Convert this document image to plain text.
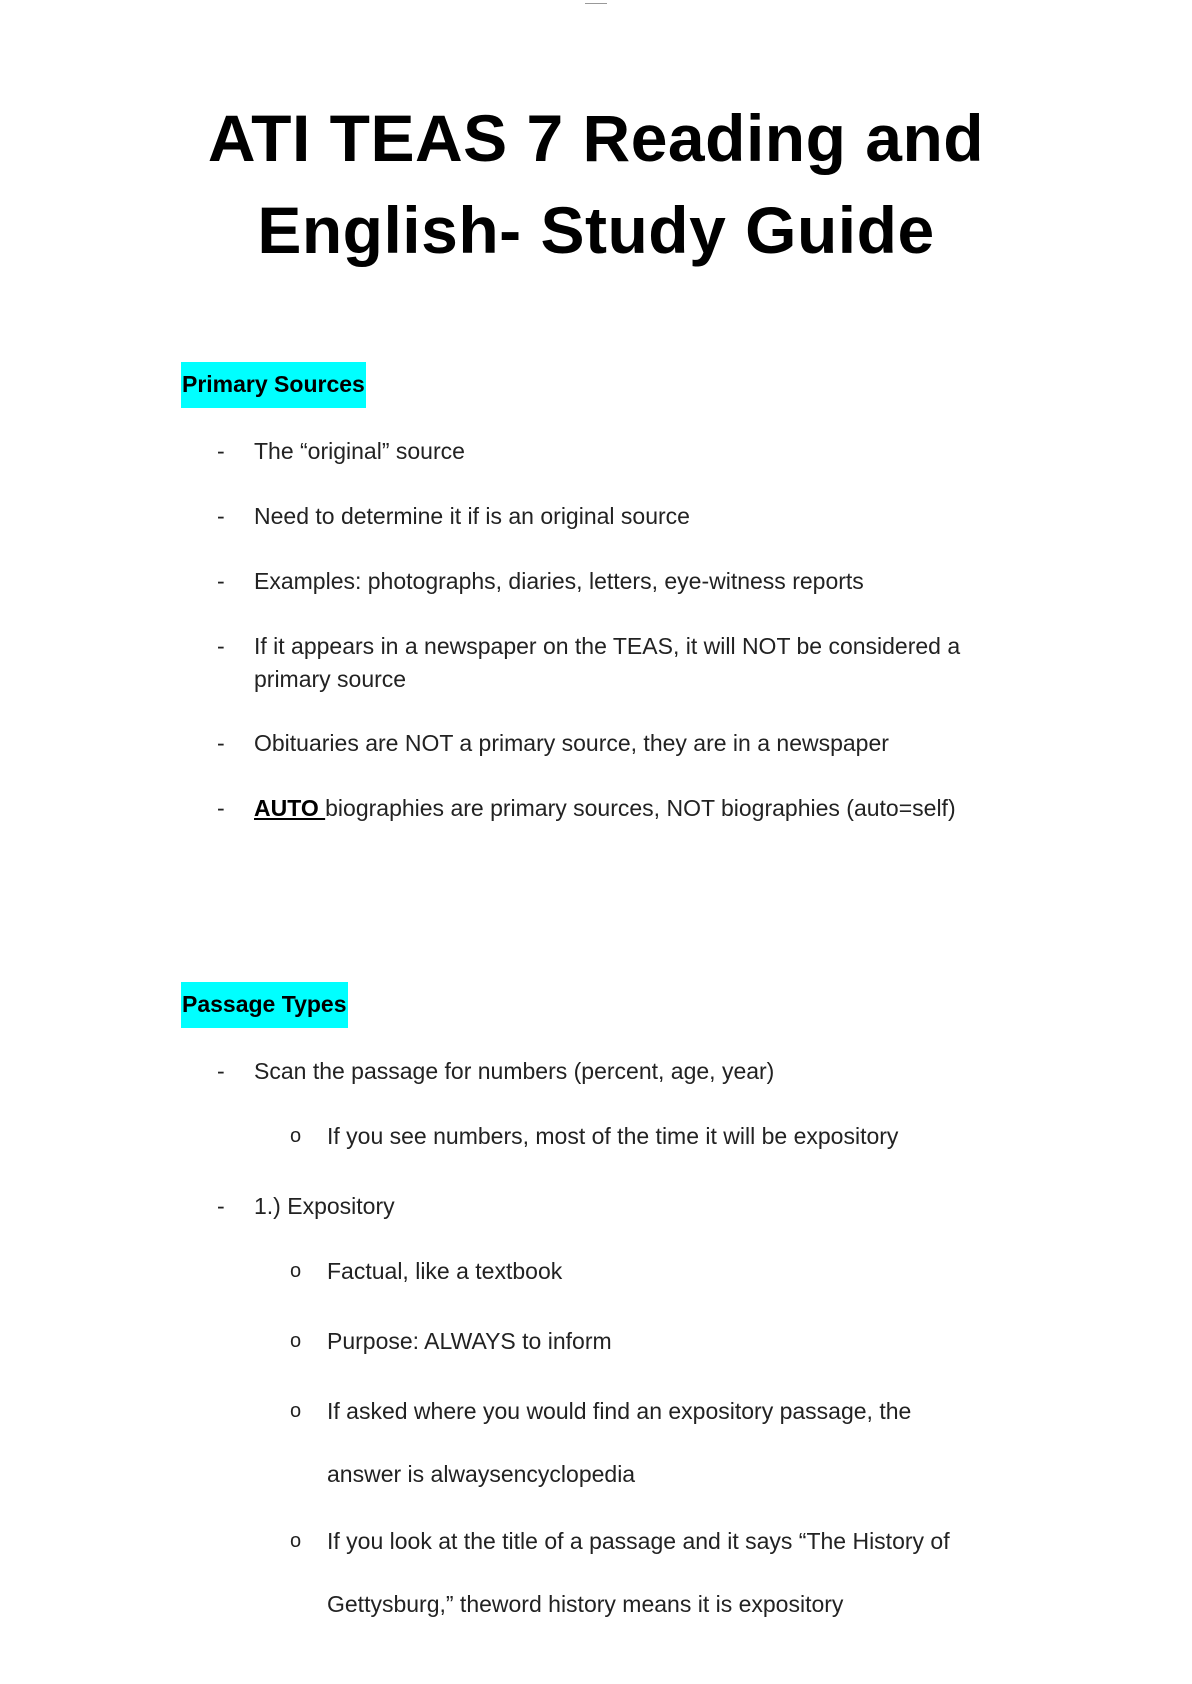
ATI TEAS 7 Reading and
English- Study Guide
Primary Sources
- The “original” source
- Need to determine it if is an original source
- Examples: photographs, diaries, letters, eye-witness reports
- If it appears in a newspaper on the TEAS, it will NOT be considered a
primary source
- Obituaries are NOT a primary source, they are in a newspaper
- AUTO biographies are primary sources, NOT biographies (auto=self)
Passage Types
- Scan the passage for numbers (percent, age, year)
o If you see numbers, most of the time it will be expository
- 1.) Expository
o Factual, like a textbook
o Purpose: ALWAYS to inform
o If asked where you would find an expository passage, the
answer is alwaysencyclopedia
o If you look at the title of a passage and it says “The History of
Gettysburg,” theword history means it is expository
